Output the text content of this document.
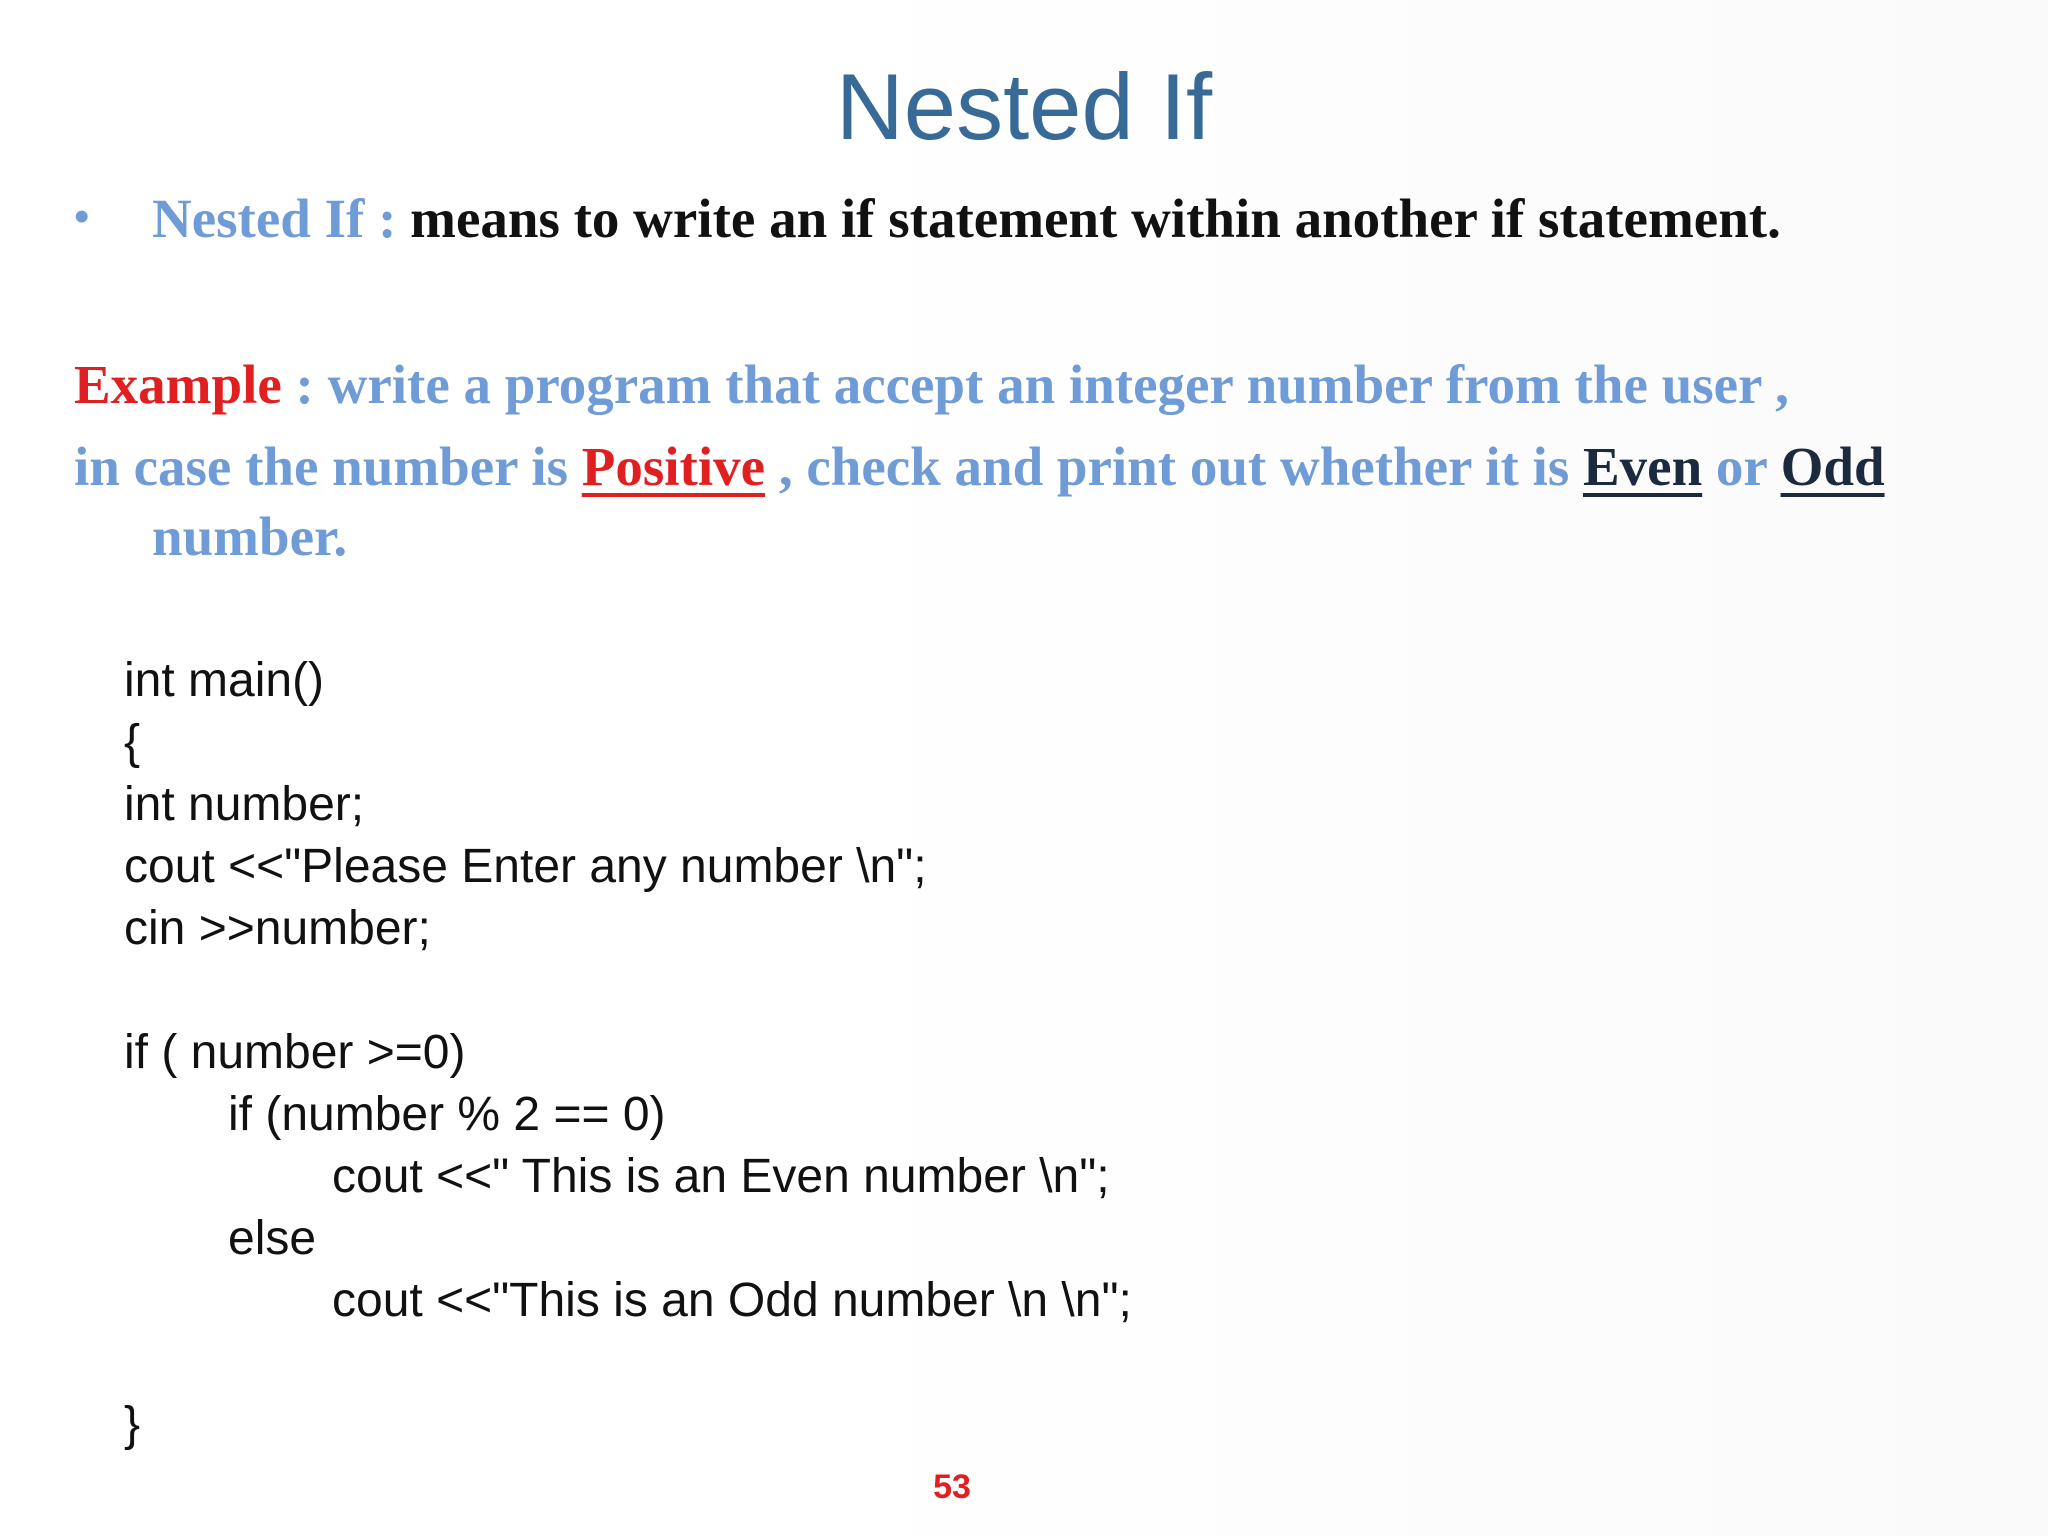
Nested If
• Nested If : means to write an if statement within another if statement.
Example : write a program that accept an integer number from the user ,
in case the number is Positive , check and print out whether it is Even or Odd
number.
int main()
{
int number;
cout <<"Please Enter any number \n";
cin >>number;
if ( number >=0)
if (number % 2 == 0)
cout <<" This is an Even number \n";
else
cout <<"This is an Odd number \n \n";
}
53
